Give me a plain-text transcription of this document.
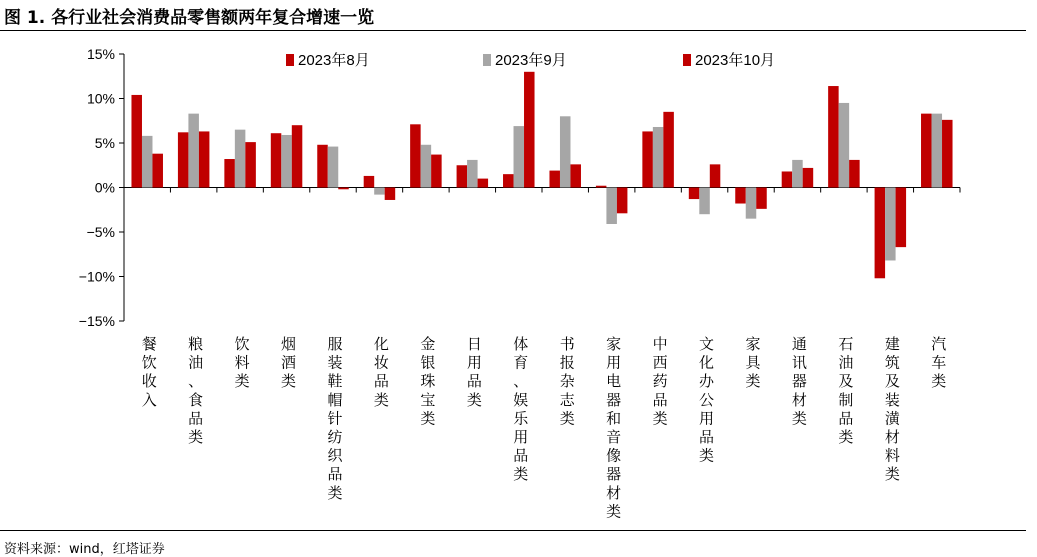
图 1. 各行业社会消费品零售额两年复合增速一览
15%
10%
5%
0%
−5%
−10%
−15%
餐饮收入
粮油、食品类
饮料类
烟酒类
服装鞋帽针纺织品类
化妆品类
金银珠宝类
日用品类
体育、娱乐用品类
书报杂志类
家用电器和音像器材类
中西药品类
文化办公用品类
家具类
通讯器材类
石油及制品类
建筑及装潢材料类
汽车类
2023年8月	2023年9月	2023年10月
资料来源：wind，红塔证券
